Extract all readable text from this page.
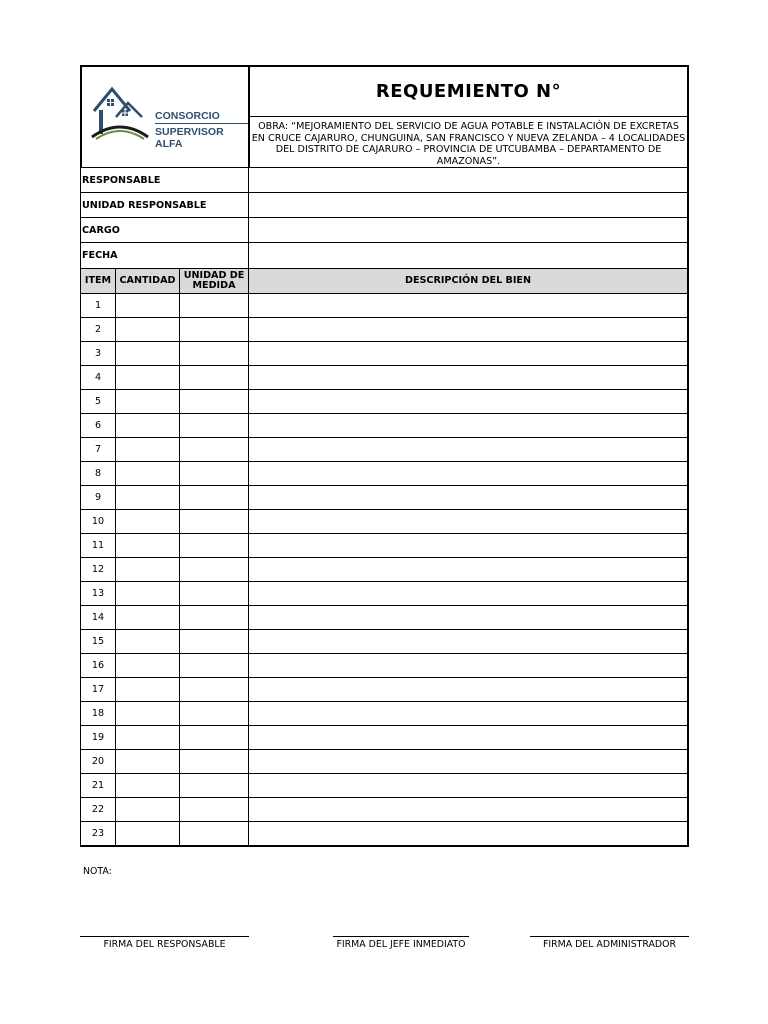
CONSORCIO
SUPERVISOR ALFA
REQUEMIENTO N°
OBRA: “MEJORAMIENTO DEL SERVICIO DE AGUA POTABLE E INSTALACIÓN DE EXCRETAS EN CRUCE CAJARURO, CHUNGUINA, SAN FRANCISCO Y NUEVA ZELANDA – 4 LOCALIDADES DEL DISTRITO DE CAJARURO – PROVINCIA DE UTCUBAMBA – DEPARTAMENTO DE AMAZONAS”.
RESPONSABLE
UNIDAD RESPONSABLE
CARGO
FECHA
ITEM	CANTIDAD	UNIDAD DE MEDIDA	DESCRIPCIÓN DEL BIEN
1			
2			
3			
4			
5			
6			
7			
8			
9			
10			
11			
12			
13			
14			
15			
16			
17			
18			
19			
20			
21			
22			
23			
NOTA:
FIRMA DEL RESPONSABLE	FIRMA DEL JEFE INMEDIATO	FIRMA DEL ADMINISTRADOR
